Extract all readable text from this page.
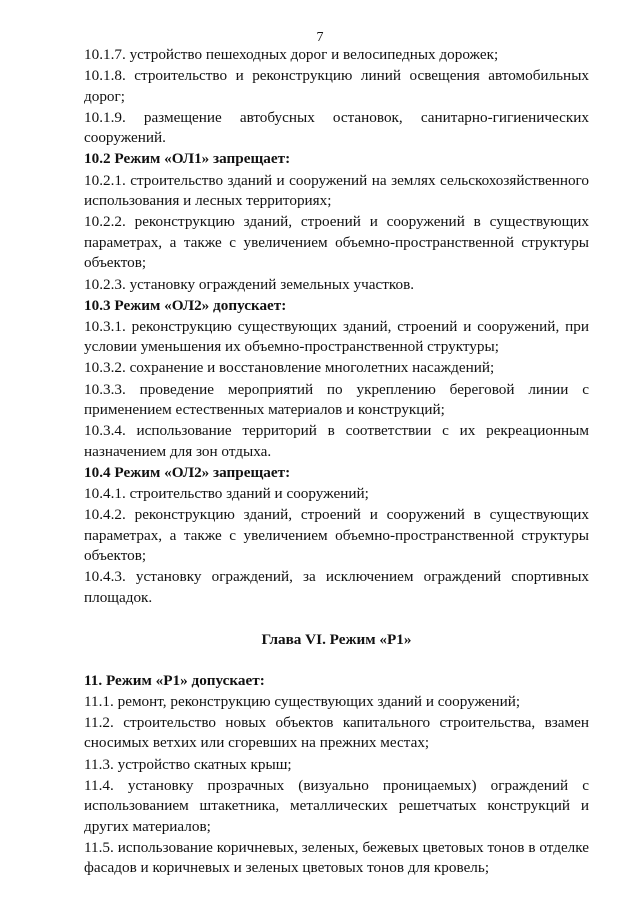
7

10.1.7. устройство пешеходных дорог и велосипедных дорожек;

10.1.8. строительство и реконструкцию линий освещения автомобильных дорог;

10.1.9. размещение автобусных остановок, санитарно-гигиенических сооружений.

10.2 Режим «ОЛ1» запрещает:

10.2.1. строительство зданий и сооружений на землях сельскохозяйственного использования и лесных территориях;

10.2.2. реконструкцию зданий, строений и сооружений в существующих параметрах, а также с увеличением объемно-пространственной структуры объектов;

10.2.3. установку ограждений земельных участков.

10.3 Режим «ОЛ2» допускает:

10.3.1. реконструкцию существующих зданий, строений и сооружений, при условии уменьшения их объемно-пространственной структуры;

10.3.2. сохранение и восстановление многолетних насаждений;

10.3.3. проведение мероприятий по укреплению береговой линии с применением естественных материалов и конструкций;

10.3.4. использование территорий в соответствии с их рекреационным назначением для зон отдыха.

10.4 Режим «ОЛ2» запрещает:

10.4.1. строительство зданий и сооружений;

10.4.2. реконструкцию зданий, строений и сооружений в существующих параметрах, а также с увеличением объемно-пространственной структуры объектов;

10.4.3. установку ограждений, за исключением ограждений спортивных площадок.

Глава VI. Режим «Р1»

11. Режим «Р1» допускает:

11.1. ремонт, реконструкцию существующих зданий и сооружений;

11.2. строительство новых объектов капитального строительства, взамен сносимых ветхих или сгоревших на прежних местах;

11.3. устройство скатных крыш;

11.4. установку прозрачных (визуально проницаемых) ограждений с использованием штакетника, металлических решетчатых конструкций и других материалов;

11.5. использование коричневых, зеленых, бежевых цветовых тонов в отделке фасадов и коричневых и зеленых цветовых тонов для кровель;
